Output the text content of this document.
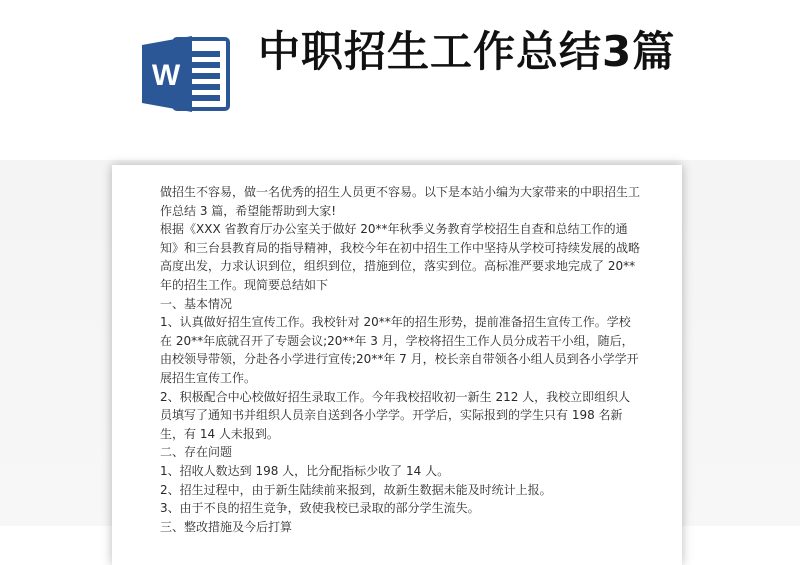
W 中职招生工作总结3篇

做招生不容易，做一名优秀的招生人员更不容易。以下是本站小编为大家带来的中职招生工作总结 3 篇，希望能帮助到大家!

根据《XXX 省教育厅办公室关于做好 20**年秋季义务教育学校招生自查和总结工作的通知》和三台县教育局的指导精神，我校今年在初中招生工作中坚持从学校可持续发展的战略高度出发，力求认识到位，组织到位，措施到位，落实到位。高标准严要求地完成了 20**年的招生工作。现简要总结如下

一、基本情况

1、认真做好招生宣传工作。我校针对 20**年的招生形势，提前准备招生宣传工作。学校在 20**年底就召开了专题会议;20**年 3 月，学校将招生工作人员分成若干小组，随后，由校领导带领，分赴各小学进行宣传;20**年 7 月，校长亲自带领各小组人员到各小学学开展招生宣传工作。

2、积极配合中心校做好招生录取工作。今年我校招收初一新生 212 人，我校立即组织人员填写了通知书并组织人员亲自送到各小学学。开学后，实际报到的学生只有 198 名新生，有 14 人未报到。

二、存在问题

1、招收人数达到 198 人，比分配指标少收了 14 人。

2、招生过程中，由于新生陆续前来报到，故新生数据未能及时统计上报。

3、由于不良的招生竞争，致使我校已录取的部分学生流失。

三、整改措施及今后打算
